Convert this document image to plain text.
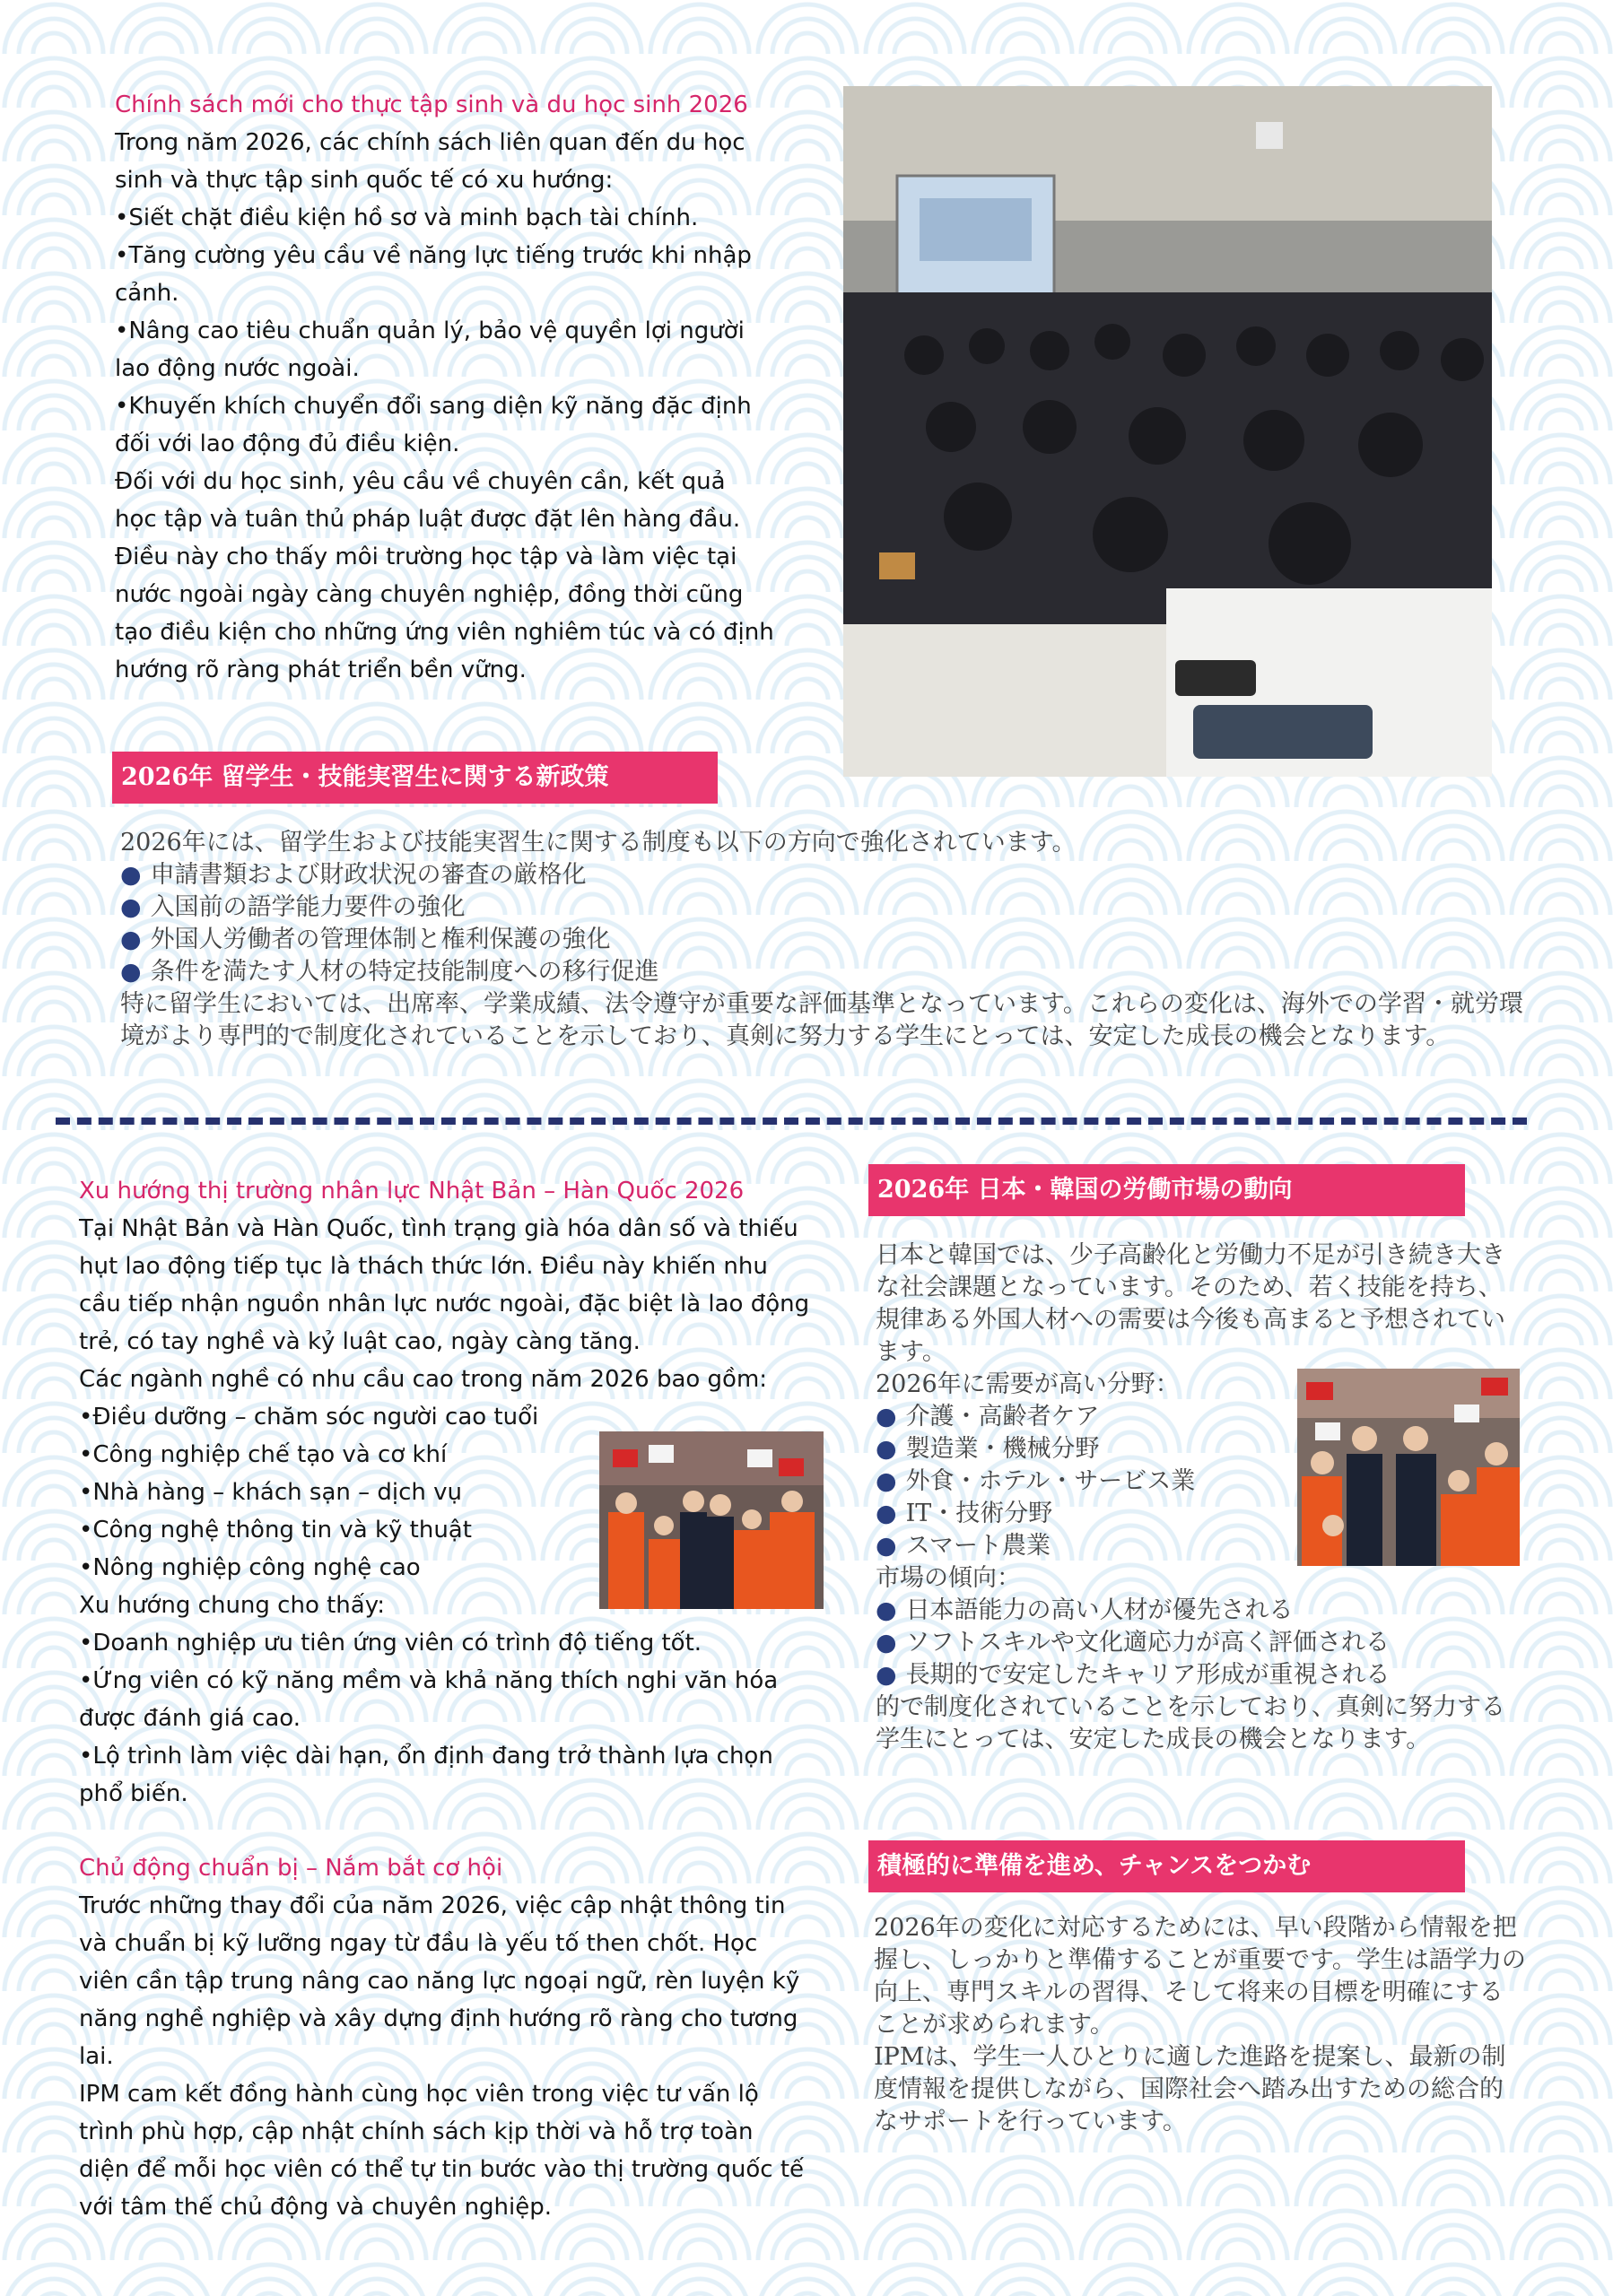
Chính sách mới cho thực tập sinh và du học sinh 2026

Trong năm 2026, các chính sách liên quan đến du học sinh và thực tập sinh quốc tế có xu hướng:

• Siết chặt điều kiện hồ sơ và minh bạch tài chính.

• Tăng cường yêu cầu về năng lực tiếng trước khi nhập cảnh.

• Nâng cao tiêu chuẩn quản lý, bảo vệ quyền lợi người lao động nước ngoài.

• Khuyến khích chuyển đổi sang diện kỹ năng đặc định đối với lao động đủ điều kiện.

Đối với du học sinh, yêu cầu về chuyên cần, kết quả học tập và tuân thủ pháp luật được đặt lên hàng đầu. Điều này cho thấy môi trường học tập và làm việc tại nước ngoài ngày càng chuyên nghiệp, đồng thời cũng tạo điều kiện cho những ứng viên nghiêm túc và có định hướng rõ ràng phát triển bền vững.

2026年 留学生・技能実習生に関する新政策

2026年には、留学生および技能実習生に関する制度も以下の方向で強化されています。

● 申請書類および財政状況の審査の厳格化

● 入国前の語学能力要件の強化

● 外国人労働者の管理体制と権利保護の強化

● 条件を満たす人材の特定技能制度への移行促進

特に留学生においては、出席率、学業成績、法令遵守が重要な評価基準となっています。これらの変化は、海外での学習・就労環境がより専門的で制度化されていることを示しており、真剣に努力する学生にとっては、安定した成長の機会となります。

Xu hướng thị trường nhân lực Nhật Bản – Hàn Quốc 2026

Tại Nhật Bản và Hàn Quốc, tình trạng già hóa dân số và thiếu hụt lao động tiếp tục là thách thức lớn. Điều này khiến nhu cầu tiếp nhận nguồn nhân lực nước ngoài, đặc biệt là lao động trẻ, có tay nghề và kỷ luật cao, ngày càng tăng.

Các ngành nghề có nhu cầu cao trong năm 2026 bao gồm:

• Điều dưỡng – chăm sóc người cao tuổi

• Công nghiệp chế tạo và cơ khí

• Nhà hàng – khách sạn – dịch vụ

• Công nghệ thông tin và kỹ thuật

• Nông nghiệp công nghệ cao

Xu hướng chung cho thấy:

• Doanh nghiệp ưu tiên ứng viên có trình độ tiếng tốt.

• Ứng viên có kỹ năng mềm và khả năng thích nghi văn hóa được đánh giá cao.

• Lộ trình làm việc dài hạn, ổn định đang trở thành lựa chọn phổ biến.

2026年 日本・韓国の労働市場の動向

日本と韓国では、少子高齢化と労働力不足が引き続き大きな社会課題となっています。そのため、若く技能を持ち、規律ある外国人材への需要は今後も高まると予想されています。

2026年に需要が高い分野：

● 介護・高齢者ケア

● 製造業・機械分野

● 外食・ホテル・サービス業

● IT・技術分野

● スマート農業

市場の傾向：

● 日本語能力の高い人材が優先される

● ソフトスキルや文化適応力が高く評価される

● 長期的で安定したキャリア形成が重視される

的で制度化されていることを示しており、真剣に努力する学生にとっては、安定した成長の機会となります。

Chủ động chuẩn bị – Nắm bắt cơ hội

Trước những thay đổi của năm 2026, việc cập nhật thông tin và chuẩn bị kỹ lưỡng ngay từ đầu là yếu tố then chốt. Học viên cần tập trung nâng cao năng lực ngoại ngữ, rèn luyện kỹ năng nghề nghiệp và xây dựng định hướng rõ ràng cho tương lai.

IPM cam kết đồng hành cùng học viên trong việc tư vấn lộ trình phù hợp, cập nhật chính sách kịp thời và hỗ trợ toàn diện để mỗi học viên có thể tự tin bước vào thị trường quốc tế với tâm thế chủ động và chuyên nghiệp.

積極的に準備を進め、チャンスをつかむ

2026年の変化に対応するためには、早い段階から情報を把握し、しっかりと準備することが重要です。学生は語学力の向上、専門スキルの習得、そして将来の目標を明確にすることが求められます。

IPMは、学生一人ひとりに適した進路を提案し、最新の制度情報を提供しながら、国際社会へ踏み出すための総合的なサポートを行っています。
